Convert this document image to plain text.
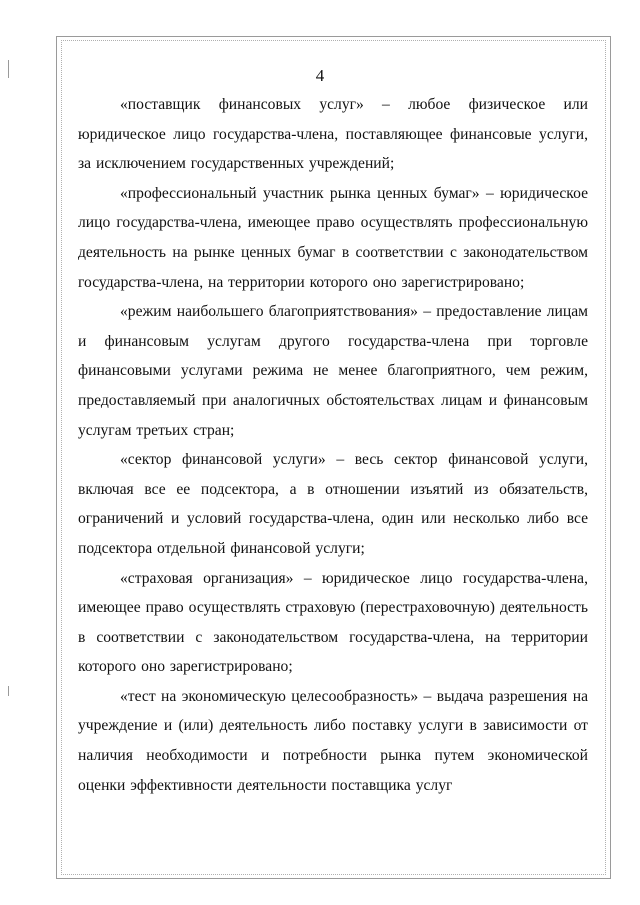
4

«поставщик финансовых услуг» – любое физическое или юридическое лицо государства-члена, поставляющее финансовые услуги, за исключением государственных учреждений;

«профессиональный участник рынка ценных бумаг» – юридическое лицо государства-члена, имеющее право осуществлять профессиональную деятельность на рынке ценных бумаг в соответствии с законодательством государства-члена, на территории которого оно зарегистрировано;

«режим наибольшего благоприятствования» – предоставление лицам и финансовым услугам другого государства-члена при торговле финансовыми услугами режима не менее благоприятного, чем режим, предоставляемый при аналогичных обстоятельствах лицам и финансовым услугам третьих стран;

«сектор финансовой услуги» – весь сектор финансовой услуги, включая все ее подсектора, а в отношении изъятий из обязательств, ограничений и условий государства-члена, один или несколько либо все подсектора отдельной финансовой услуги;

«страховая организация» – юридическое лицо государства-члена, имеющее право осуществлять страховую (перестраховочную) деятельность в соответствии с законодательством государства-члена, на территории которого оно зарегистрировано;

«тест на экономическую целесообразность» – выдача разрешения на учреждение и (или) деятельность либо поставку услуги в зависимости от наличия необходимости и потребности рынка путем экономической оценки эффективности деятельности поставщика услуг
